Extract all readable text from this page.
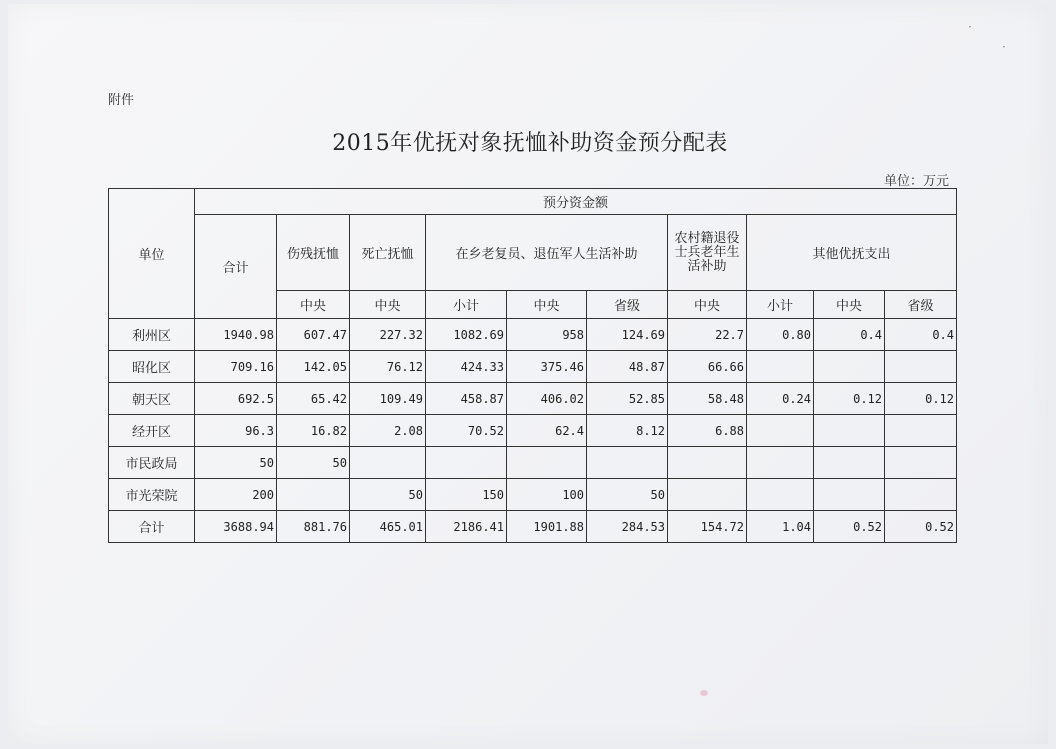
附件
2015年优抚对象抚恤补助资金预分配表
单位：万元
·
·
单位	预分资金额									
	合计	伤残抚恤	死亡抚恤	在乡老复员、退伍军人生活补助			农村籍退役士兵老年生活补助	其他优抚支出		
		中央	中央	小计	中央	省级	中央	小计	中央	省级
利州区	1940.98	607.47	227.32	1082.69	958	124.69	22.7	0.80	0.4	0.4
昭化区	709.16	142.05	76.12	424.33	375.46	48.87	66.66			
朝天区	692.5	65.42	109.49	458.87	406.02	52.85	58.48	0.24	0.12	0.12
经开区	96.3	16.82	2.08	70.52	62.4	8.12	6.88			
市民政局	50	50								
市光荣院	200		50	150	100	50				
合计	3688.94	881.76	465.01	2186.41	1901.88	284.53	154.72	1.04	0.52	0.52
